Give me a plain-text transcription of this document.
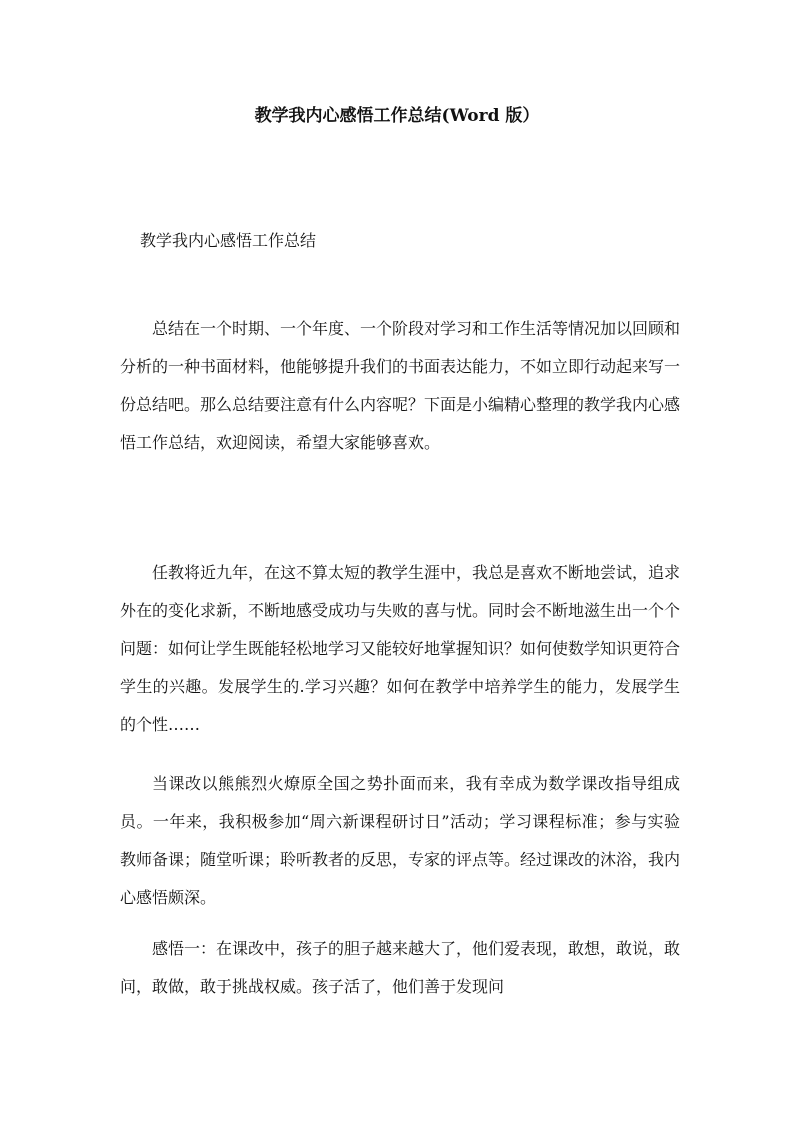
教学我内心感悟工作总结(Word 版）

教学我内心感悟工作总结

总结在一个时期、一个年度、一个阶段对学习和工作生活等情况加以回顾和分析的一种书面材料，他能够提升我们的书面表达能力，不如立即行动起来写一份总结吧。那么总结要注意有什么内容呢？下面是小编精心整理的教学我内心感悟工作总结，欢迎阅读，希望大家能够喜欢。

任教将近九年，在这不算太短的教学生涯中，我总是喜欢不断地尝试，追求外在的变化求新，不断地感受成功与失败的喜与忧。同时会不断地滋生出一个个问题：如何让学生既能轻松地学习又能较好地掌握知识？如何使数学知识更符合学生的兴趣。发展学生的.学习兴趣？如何在教学中培养学生的能力，发展学生的个性……

当课改以熊熊烈火燎原全国之势扑面而来，我有幸成为数学课改指导组成员。一年来，我积极参加“周六新课程研讨日”活动；学习课程标准；参与实验教师备课；随堂听课；聆听教者的反思，专家的评点等。经过课改的沐浴，我内心感悟颇深。

感悟一：在课改中，孩子的胆子越来越大了，他们爱表现，敢想，敢说，敢问，敢做，敢于挑战权威。孩子活了，他们善于发现问
